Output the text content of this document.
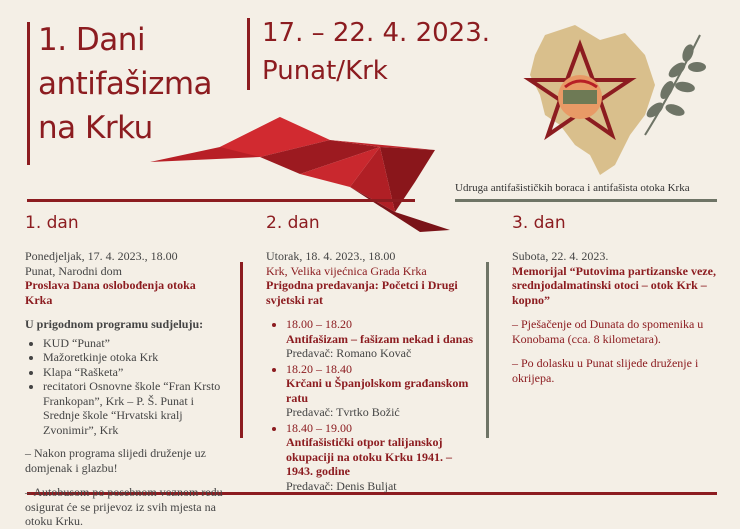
1. Dani
antifašizma
na Krku
17. – 22. 4. 2023.
Punat/Krk
Udruga antifašističkih boraca i antifašista otoka Krka
1. dan	2. dan	3. dan

Ponedjeljak, 17. 4. 2023., 18.00

Punat, Narodni dom

Proslava Dana oslobođenja otoka Krka

U prigodnom programu sudjeluju:

• KUD “Punat”
• Mažoretkinje otoka Krk
• Klapa “Rašketa”
• recitatori Osnovne škole “Fran Krsto Frankopan”, Krk – P. Š. Punat i Srednje škole “Hrvatski kralj Zvonimir”, Krk

– Nakon programa slijedi druženje uz domjenak i glazbu!

– Autobusom po posebnom voznom redu osigurat će se prijevoz iz svih mjesta na otoku Krku.

Utorak, 18. 4. 2023., 18.00

Krk, Velika vijećnica Grada Krka

Prigodna predavanja: Početci i Drugi svjetski rat

• 18.00 – 18.20
Antifašizam – fašizam nekad i danas
Predavač: Romano Kovač
• 18.20 – 18.40
Krčani u Španjolskom građanskom ratu
Predavač: Tvrtko Božić
• 18.40 – 19.00
Antifašistički otpor talijanskoj okupaciji na otoku Krku 1941. – 1943. godine
Predavač: Denis Buljat

Subota, 22. 4. 2023.

Memorijal “Putovima partizanske veze, srednjodalmatinski otoci – otok Krk – kopno”

– Pješačenje od Dunata do spomenika u Konobama (cca. 8 kilometara).

– Po dolasku u Punat slijede druženje i okrijepa.
